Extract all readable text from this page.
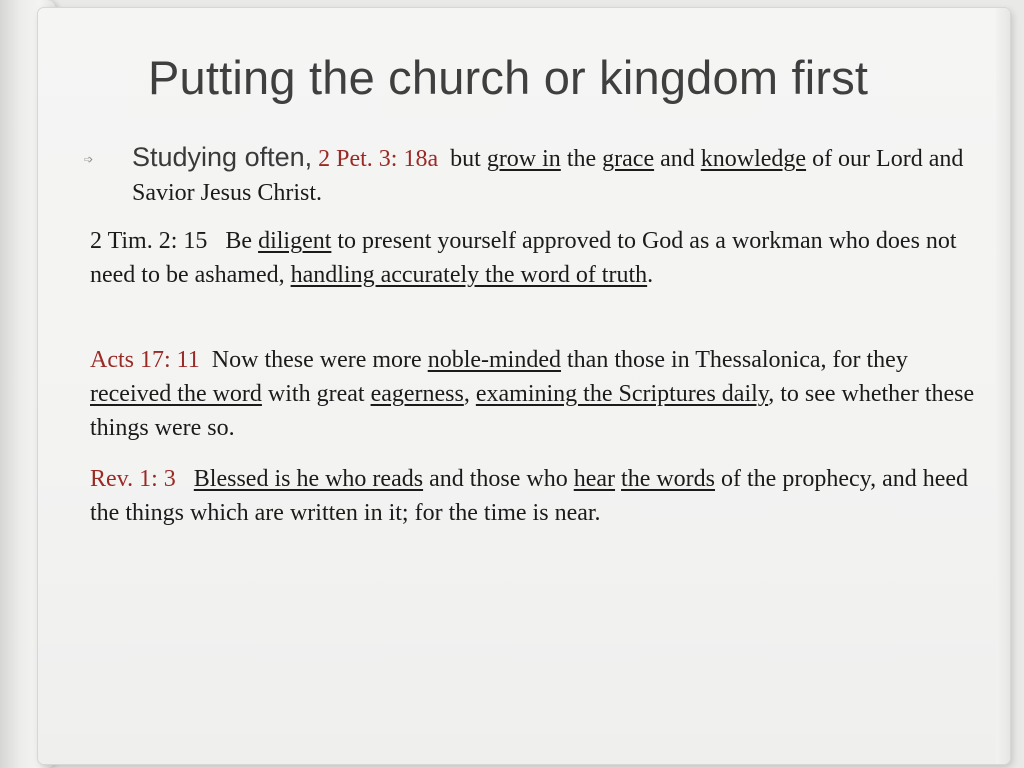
Putting the church or kingdom first
➩ Studying often, 2 Pet. 3: 18a but grow in the grace and knowledge of our Lord and Savior Jesus Christ.

2 Tim. 2: 15 Be diligent to present yourself approved to God as a workman who does not need to be ashamed, handling accurately the word of truth.

Acts 17: 11 Now these were more noble-minded than those in Thessalonica, for they received the word with great eagerness, examining the Scriptures daily, to see whether these things were so.

Rev. 1: 3 Blessed is he who reads and those who hear the words of the prophecy, and heed the things which are written in it; for the time is near.
